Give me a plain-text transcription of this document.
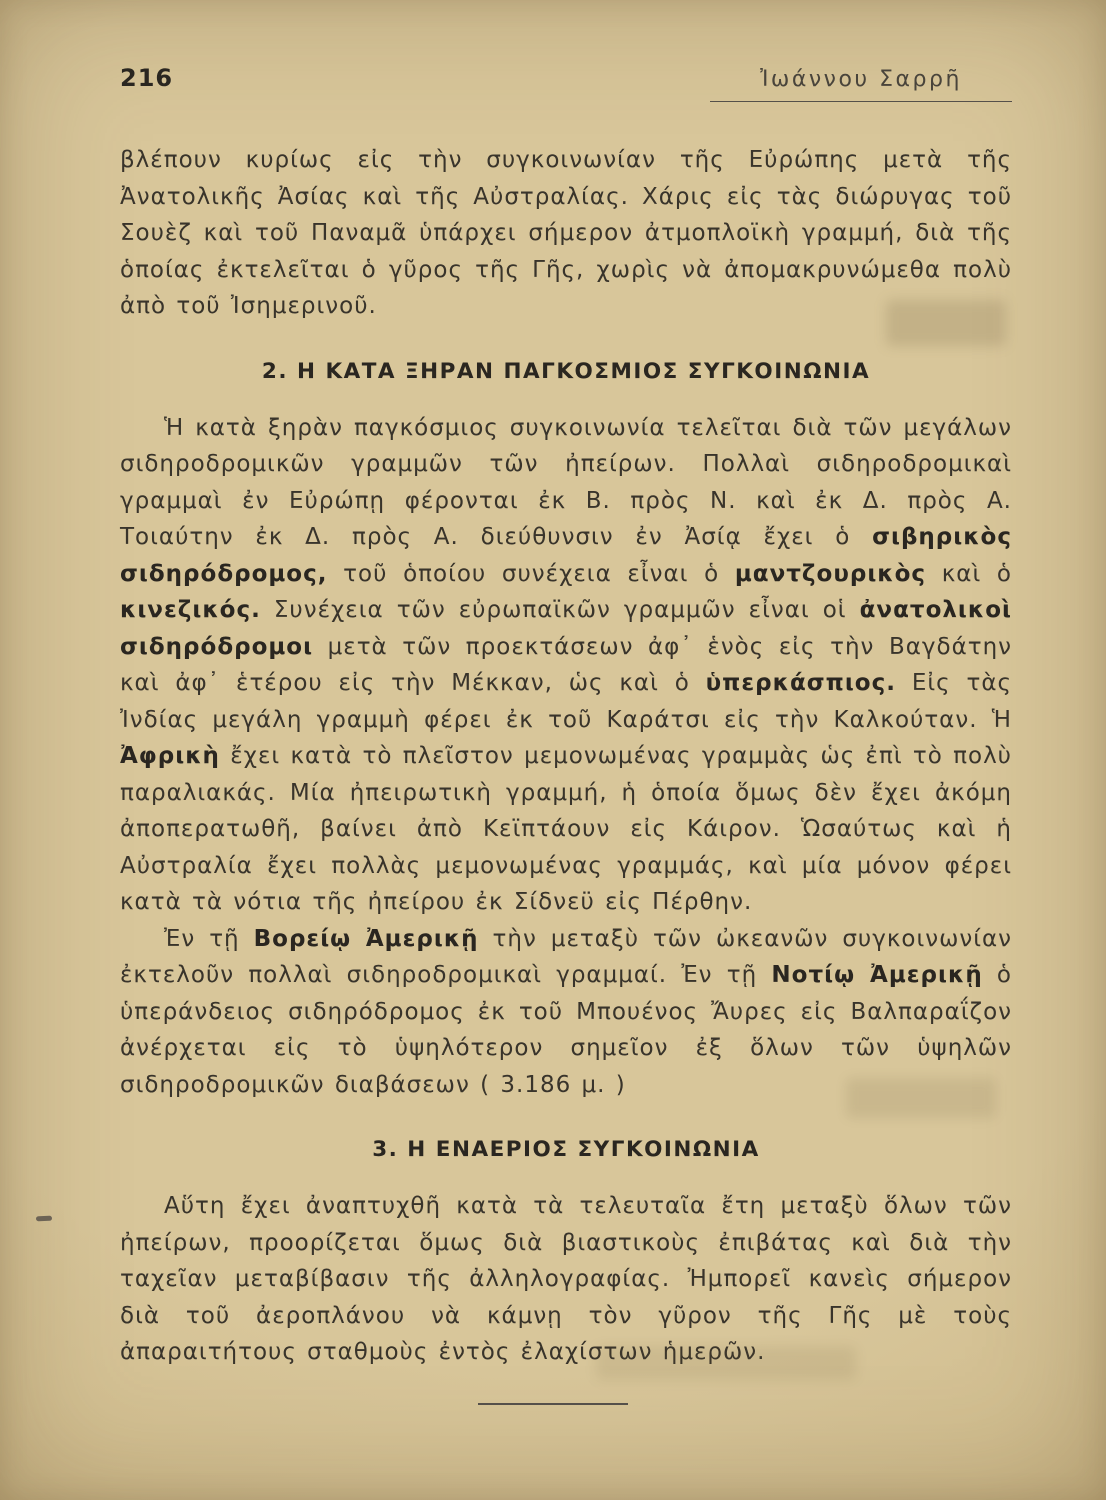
216	Ἰωάννου Σαρρῆ

βλέπουν κυρίως εἰς τὴν συγκοινωνίαν τῆς Εὐρώπης μετὰ τῆς Ἀνατολικῆς Ἀσίας καὶ τῆς Αὐστραλίας. Χάρις εἰς τὰς διώρυγας τοῦ Σουὲζ καὶ τοῦ Παναμᾶ ὑπάρχει σήμερον ἀτμοπλοϊκὴ γραμμή, διὰ τῆς ὁποίας ἐκτελεῖται ὁ γῦρος τῆς Γῆς, χωρὶς νὰ ἀπομακρυνώμεθα πολὺ ἀπὸ τοῦ Ἰσημερινοῦ.

2. Η ΚΑΤΑ ΞΗΡΑΝ ΠΑΓΚΟΣΜΙΟΣ ΣΥΓΚΟΙΝΩΝΙΑ

Ἡ κατὰ ξηρὰν παγκόσμιος συγκοινωνία τελεῖται διὰ τῶν μεγάλων σιδηροδρομικῶν γραμμῶν τῶν ἠπείρων. Πολλαὶ σιδηροδρομικαὶ γραμμαὶ ἐν Εὐρώπῃ φέρονται ἐκ Β. πρὸς Ν. καὶ ἐκ Δ. πρὸς Α. Τοιαύτην ἐκ Δ. πρὸς Α. διεύθυνσιν ἐν Ἀσίᾳ ἔχει ὁ σιβηρικὸς σιδηρόδρομος, τοῦ ὁποίου συνέχεια εἶναι ὁ μαντζουρικὸς καὶ ὁ κινεζικός. Συνέχεια τῶν εὐρωπαϊκῶν γραμμῶν εἶναι οἱ ἀνατολικοὶ σιδηρόδρομοι μετὰ τῶν προεκτάσεων ἀφ᾽ ἑνὸς εἰς τὴν Βαγδάτην καὶ ἀφ᾽ ἑτέρου εἰς τὴν Μέκκαν, ὡς καὶ ὁ ὑπερκάσπιος. Εἰς τὰς Ἰνδίας μεγάλη γραμμὴ φέρει ἐκ τοῦ Καράτσι εἰς τὴν Καλκούταν. Ἡ Ἀφρικὴ ἔχει κατὰ τὸ πλεῖστον μεμονωμένας γραμμὰς ὡς ἐπὶ τὸ πολὺ παραλιακάς. Μία ἠπειρωτικὴ γραμμή, ἡ ὁποία ὅμως δὲν ἔχει ἀκόμη ἀποπερατωθῆ, βαίνει ἀπὸ Κεϊπτάουν εἰς Κάιρον. Ὡσαύτως καὶ ἡ Αὐστραλία ἔχει πολλὰς μεμονωμένας γραμμάς, καὶ μία μόνον φέρει κατὰ τὰ νότια τῆς ἠπείρου ἐκ Σίδνεϋ εἰς Πέρθην.

Ἐν τῇ Βορείῳ Ἀμερικῇ τὴν μεταξὺ τῶν ὠκεανῶν συγκοινωνίαν ἐκτελοῦν πολλαὶ σιδηροδρομικαὶ γραμμαί. Ἐν τῇ Νοτίῳ Ἀμερικῇ ὁ ὑπεράνδειος σιδηρόδρομος ἐκ τοῦ Μπουένος Ἄυρες εἰς Βαλπαραΐζον ἀνέρχεται εἰς τὸ ὑψηλότερον σημεῖον ἐξ ὅλων τῶν ὑψηλῶν σιδηροδρομικῶν διαβάσεων ( 3.186 μ. )

3. Η ΕΝΑΕΡΙΟΣ ΣΥΓΚΟΙΝΩΝΙΑ

Αὕτη ἔχει ἀναπτυχθῆ κατὰ τὰ τελευταῖα ἔτη μεταξὺ ὅλων τῶν ἠπείρων, προορίζεται ὅμως διὰ βιαστικοὺς ἐπιβάτας καὶ διὰ τὴν ταχεῖαν μεταβίβασιν τῆς ἀλληλογραφίας. Ἠμπορεῖ κανεὶς σήμερον διὰ τοῦ ἀεροπλάνου νὰ κάμνῃ τὸν γῦρον τῆς Γῆς μὲ τοὺς ἀπαραιτήτους σταθμοὺς ἐντὸς ἐλαχίστων ἡμερῶν.
